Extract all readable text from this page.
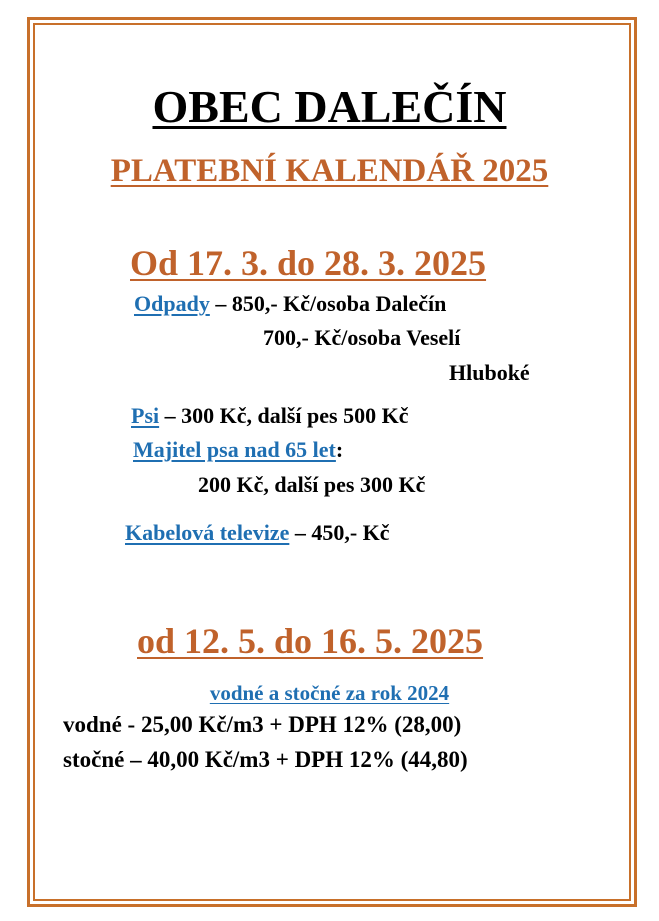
OBEC DALEČÍN
PLATEBNÍ KALENDÁŘ 2025
Od 17. 3. do 28. 3. 2025
Odpady – 850,- Kč/osoba Dalečín
700,- Kč/osoba Veselí
Hluboké
Psi – 300 Kč, další pes 500 Kč
Majitel psa nad 65 let:
200 Kč, další pes 300 Kč
Kabelová televize – 450,- Kč
od 12. 5. do 16. 5. 2025
vodné a stočné za rok 2024
vodné - 25,00 Kč/m3 + DPH 12% (28,00)
stočné – 40,00 Kč/m3 + DPH 12% (44,80)
